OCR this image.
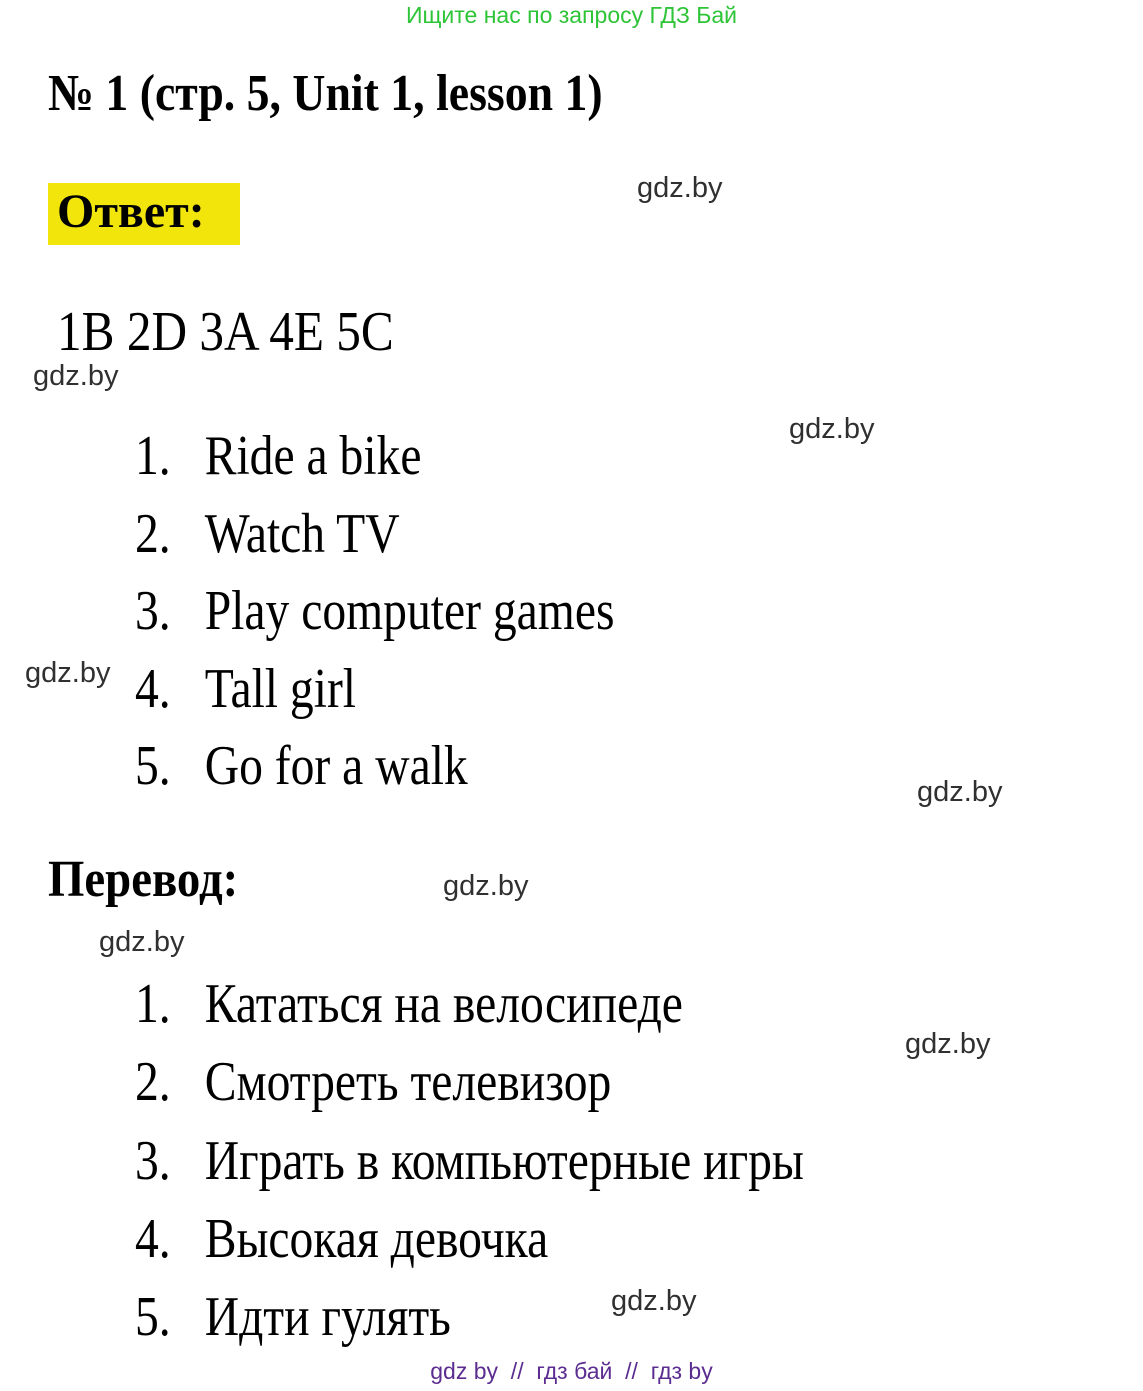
Ищите нас по запросу ГДЗ Бай
№ 1 (стр. 5, Unit 1, lesson 1)
gdz.by
gdz.by
gdz.by
gdz.by
gdz.by
gdz.by
gdz.by
gdz.by
gdz.by
Ответ:
1B 2D 3A 4E 5C
1. Ride a bike
2. Watch TV
3. Play computer games
4. Tall girl
5. Go for a walk
Перевод:
1. Кататься на велосипеде
2. Смотреть телевизор
3. Играть в компьютерные игры
4. Высокая девочка
5. Идти гулять
gdz by  //  гдз бай  //  гдз by
